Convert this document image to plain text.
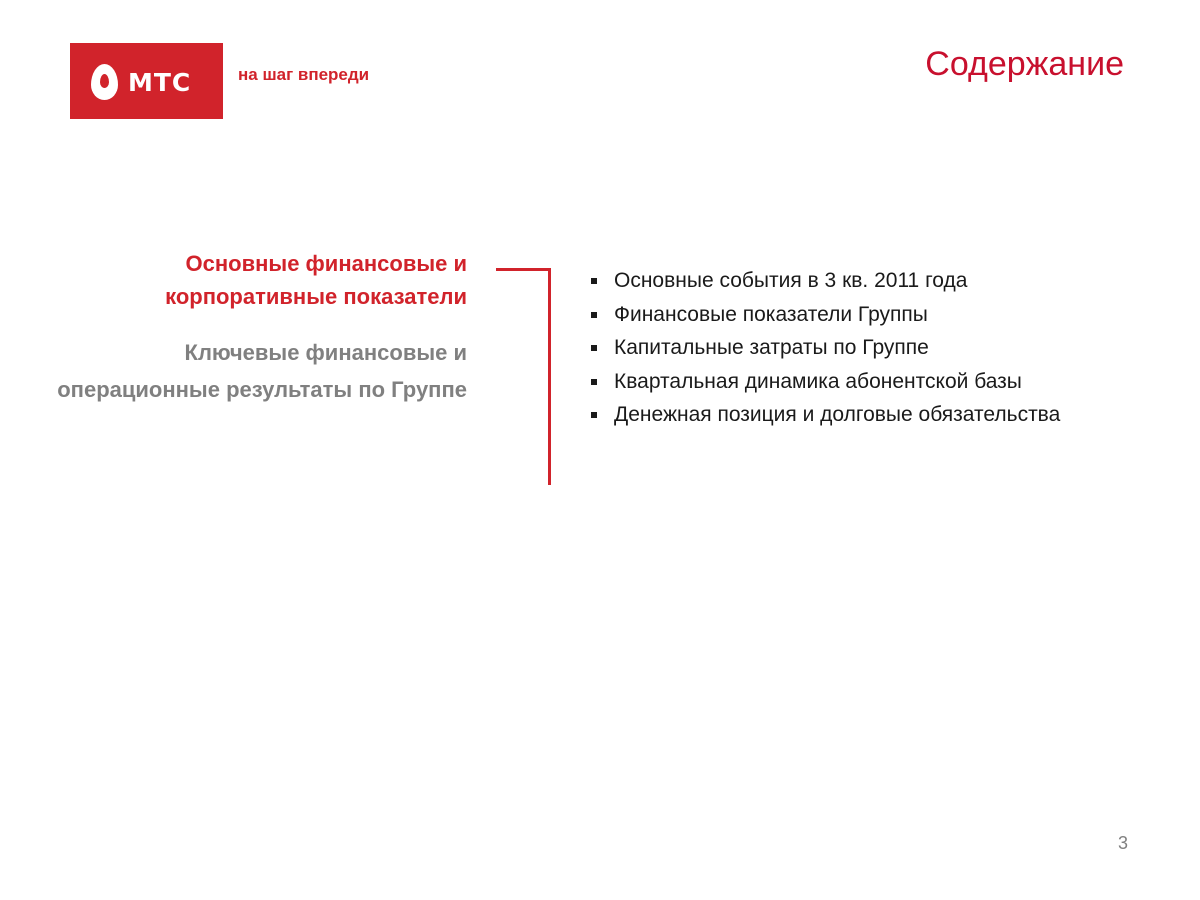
МТС	на шаг впереди	Содержание
Основные финансовые и корпоративные показатели
Ключевые финансовые и операционные результаты по Группе
Основные события в 3 кв. 2011 года
Финансовые показатели Группы
Капитальные затраты по Группе
Квартальная динамика абонентской базы
Денежная позиция и долговые обязательства
3
